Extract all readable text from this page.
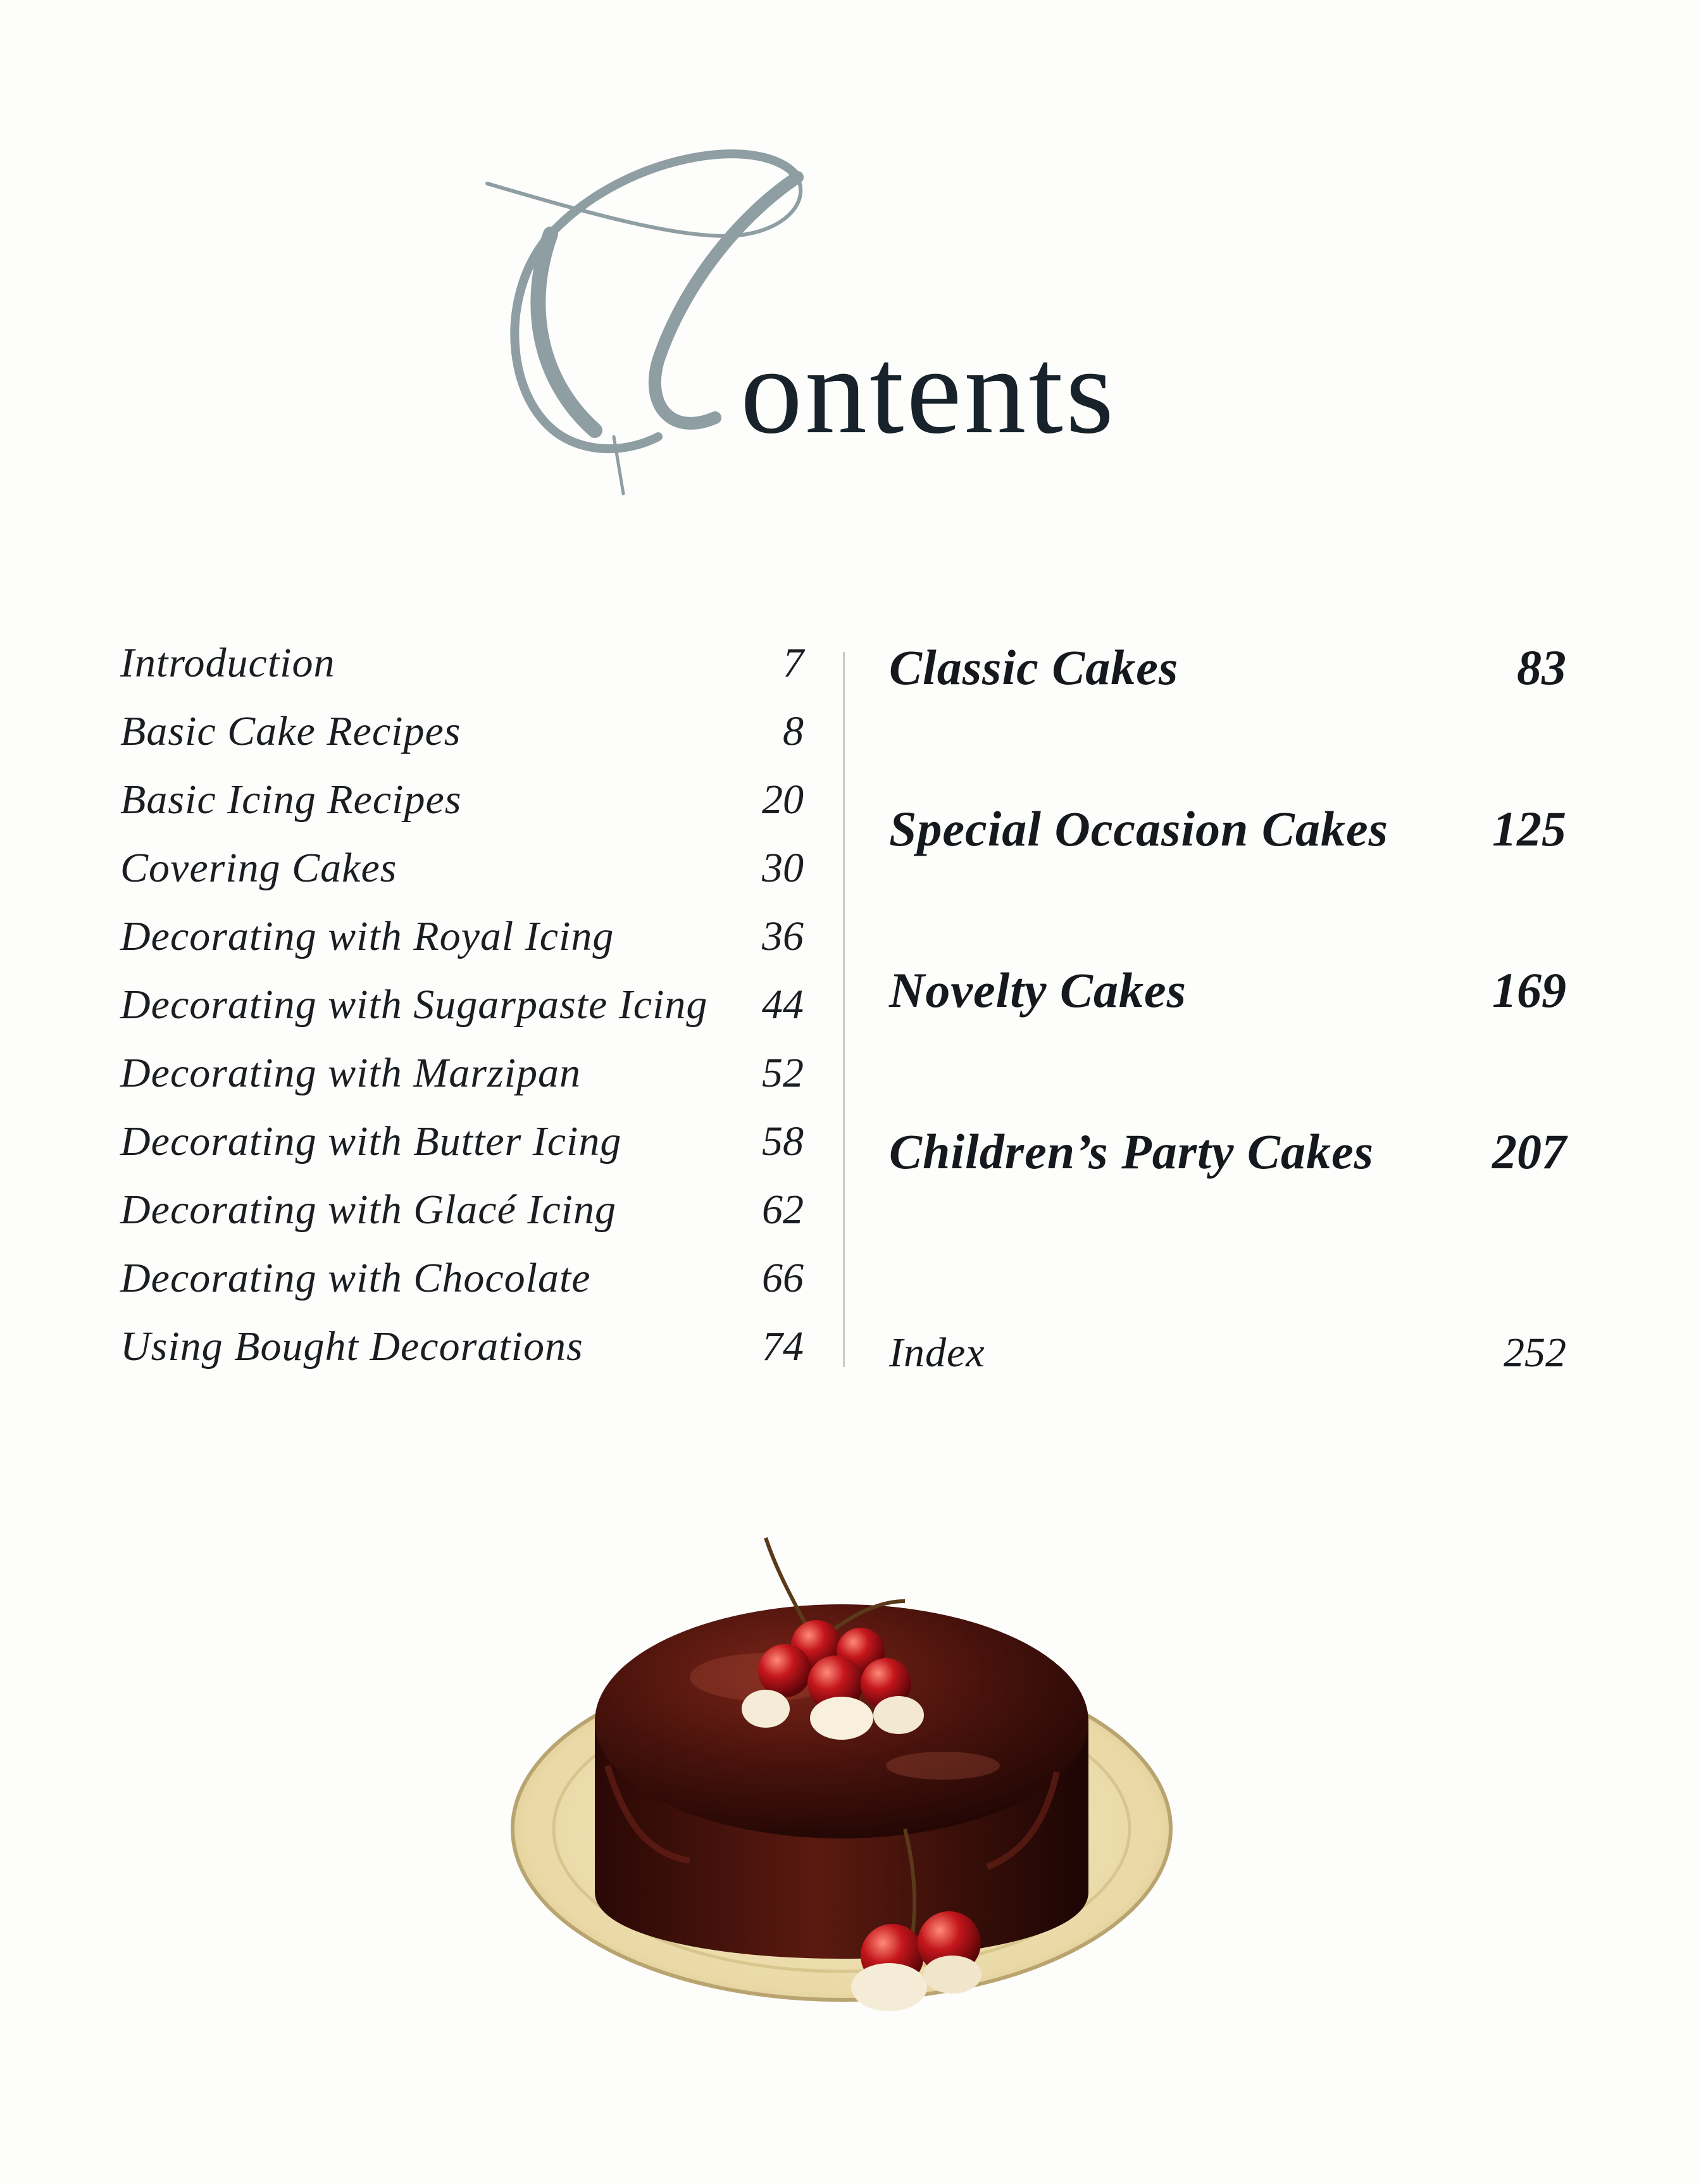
C
ontents
Introduction	7
Basic Cake Recipes	8
Basic Icing Recipes	20
Covering Cakes	30
Decorating with Royal Icing	36
Decorating with Sugarpaste Icing 44
Decorating with Marzipan	52
Decorating with Butter Icing	58
Decorating with Glacé Icing	62
Decorating with Chocolate	66
Using Bought Decorations	74
Classic Cakes	83
Special Occasion Cakes 125
Novelty Cakes	169
Children’s Party Cakes 207
Index	252
